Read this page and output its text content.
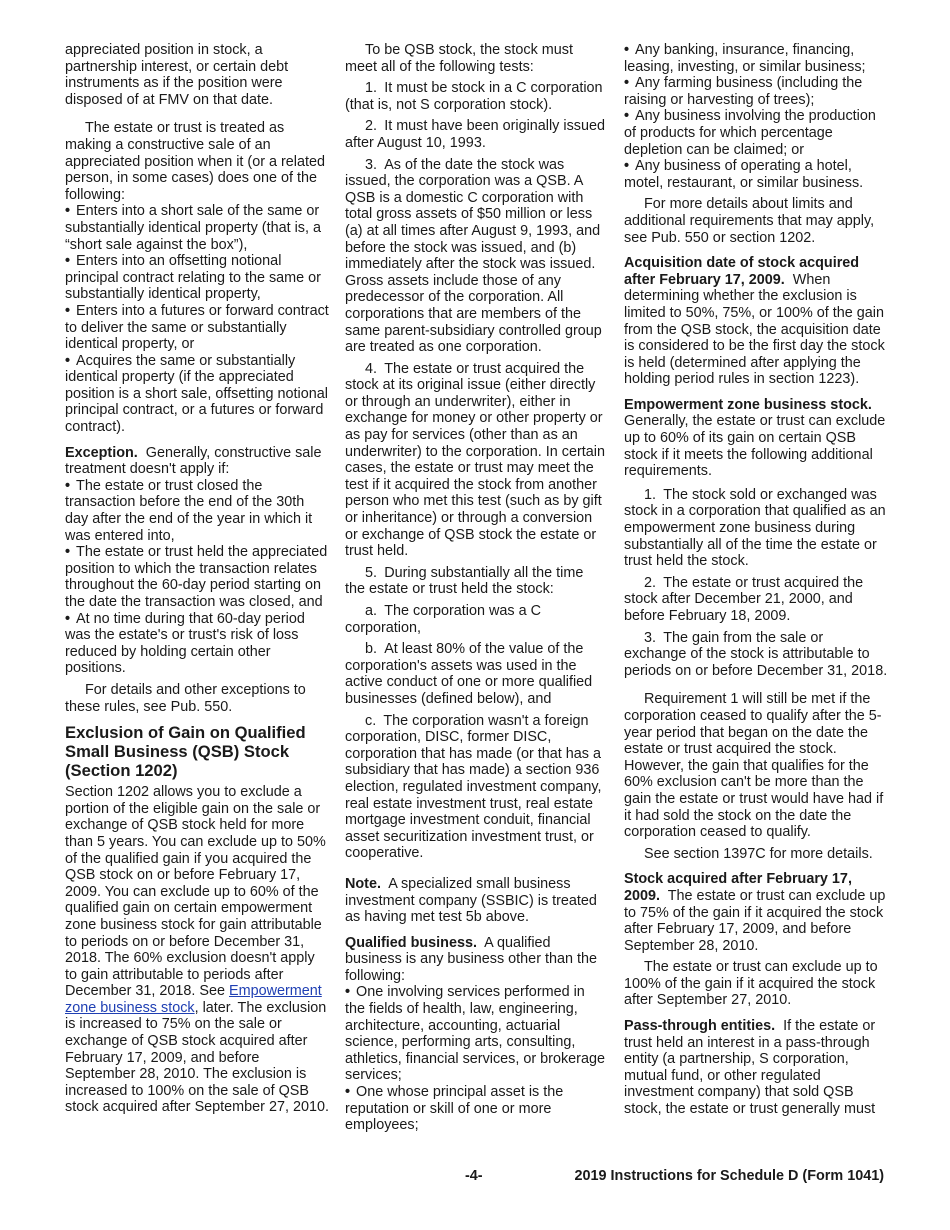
appreciated position in stock, a partnership interest, or certain debt instruments as if the position were disposed of at FMV on that date.

The estate or trust is treated as making a constructive sale of an appreciated position when it (or a related person, in some cases) does one of the following:

• Enters into a short sale of the same or substantially identical property (that is, a “short sale against the box”),
• Enters into an offsetting notional principal contract relating to the same or substantially identical property,
• Enters into a futures or forward contract to deliver the same or substantially identical property, or
• Acquires the same or substantially identical property (if the appreciated position is a short sale, offsetting notional principal contract, or a futures or forward contract).

Exception. Generally, constructive sale treatment doesn't apply if:

• The estate or trust closed the transaction before the end of the 30th day after the end of the year in which it was entered into,
• The estate or trust held the appreciated position to which the transaction relates throughout the 60-day period starting on the date the transaction was closed, and
• At no time during that 60-day period was the estate's or trust's risk of loss reduced by holding certain other positions.

For details and other exceptions to these rules, see Pub. 550.

Exclusion of Gain on Qualified Small Business (QSB) Stock (Section 1202)

Section 1202 allows you to exclude a portion of the eligible gain on the sale or exchange of QSB stock held for more than 5 years. You can exclude up to 50% of the qualified gain if you acquired the QSB stock on or before February 17, 2009. You can exclude up to 60% of the qualified gain on certain empowerment zone business stock for gain attributable to periods on or before December 31, 2018. The 60% exclusion doesn't apply to gain attributable to periods after December 31, 2018. See Empowerment zone business stock, later. The exclusion is increased to 75% on the sale or exchange of QSB stock acquired after February 17, 2009, and before September 28, 2010. The exclusion is increased to 100% on the sale of QSB stock acquired after September 27, 2010.

To be QSB stock, the stock must meet all of the following tests:

1. It must be stock in a C corporation (that is, not S corporation stock).

2. It must have been originally issued after August 10, 1993.

3. As of the date the stock was issued, the corporation was a QSB. A QSB is a domestic C corporation with total gross assets of $50 million or less (a) at all times after August 9, 1993, and before the stock was issued, and (b) immediately after the stock was issued. Gross assets include those of any predecessor of the corporation. All corporations that are members of the same parent-subsidiary controlled group are treated as one corporation.

4. The estate or trust acquired the stock at its original issue (either directly or through an underwriter), either in exchange for money or other property or as pay for services (other than as an underwriter) to the corporation. In certain cases, the estate or trust may meet the test if it acquired the stock from another person who met this test (such as by gift or inheritance) or through a conversion or exchange of QSB stock the estate or trust held.

5. During substantially all the time the estate or trust held the stock:

a. The corporation was a C corporation,

b. At least 80% of the value of the corporation's assets was used in the active conduct of one or more qualified businesses (defined below), and

c. The corporation wasn't a foreign corporation, DISC, former DISC, corporation that has made (or that has a subsidiary that has made) a section 936 election, regulated investment company, real estate investment trust, real estate mortgage investment conduit, financial asset securitization investment trust, or cooperative.

Note. A specialized small business investment company (SSBIC) is treated as having met test 5b above.

Qualified business. A qualified business is any business other than the following:

• One involving services performed in the fields of health, law, engineering, architecture, accounting, actuarial science, performing arts, consulting, athletics, financial services, or brokerage services;
• One whose principal asset is the reputation or skill of one or more employees;
• Any banking, insurance, financing, leasing, investing, or similar business;
• Any farming business (including the raising or harvesting of trees);
• Any business involving the production of products for which percentage depletion can be claimed; or
• Any business of operating a hotel, motel, restaurant, or similar business.

For more details about limits and additional requirements that may apply, see Pub. 550 or section 1202.

Acquisition date of stock acquired after February 17, 2009. When determining whether the exclusion is limited to 50%, 75%, or 100% of the gain from the QSB stock, the acquisition date is considered to be the first day the stock is held (determined after applying the holding period rules in section 1223).

Empowerment zone business stock. Generally, the estate or trust can exclude up to 60% of its gain on certain QSB stock if it meets the following additional requirements.

1. The stock sold or exchanged was stock in a corporation that qualified as an empowerment zone business during substantially all of the time the estate or trust held the stock.

2. The estate or trust acquired the stock after December 21, 2000, and before February 18, 2009.

3. The gain from the sale or exchange of the stock is attributable to periods on or before December 31, 2018.

Requirement 1 will still be met if the corporation ceased to qualify after the 5-year period that began on the date the estate or trust acquired the stock. However, the gain that qualifies for the 60% exclusion can't be more than the gain the estate or trust would have had if it had sold the stock on the date the corporation ceased to qualify.

See section 1397C for more details.

Stock acquired after February 17, 2009. The estate or trust can exclude up to 75% of the gain if it acquired the stock after February 17, 2009, and before September 28, 2010.

The estate or trust can exclude up to 100% of the gain if it acquired the stock after September 27, 2010.

Pass-through entities. If the estate or trust held an interest in a pass-through entity (a partnership, S corporation, mutual fund, or other regulated investment company) that sold QSB stock, the estate or trust generally must

-4-	2019 Instructions for Schedule D (Form 1041)
